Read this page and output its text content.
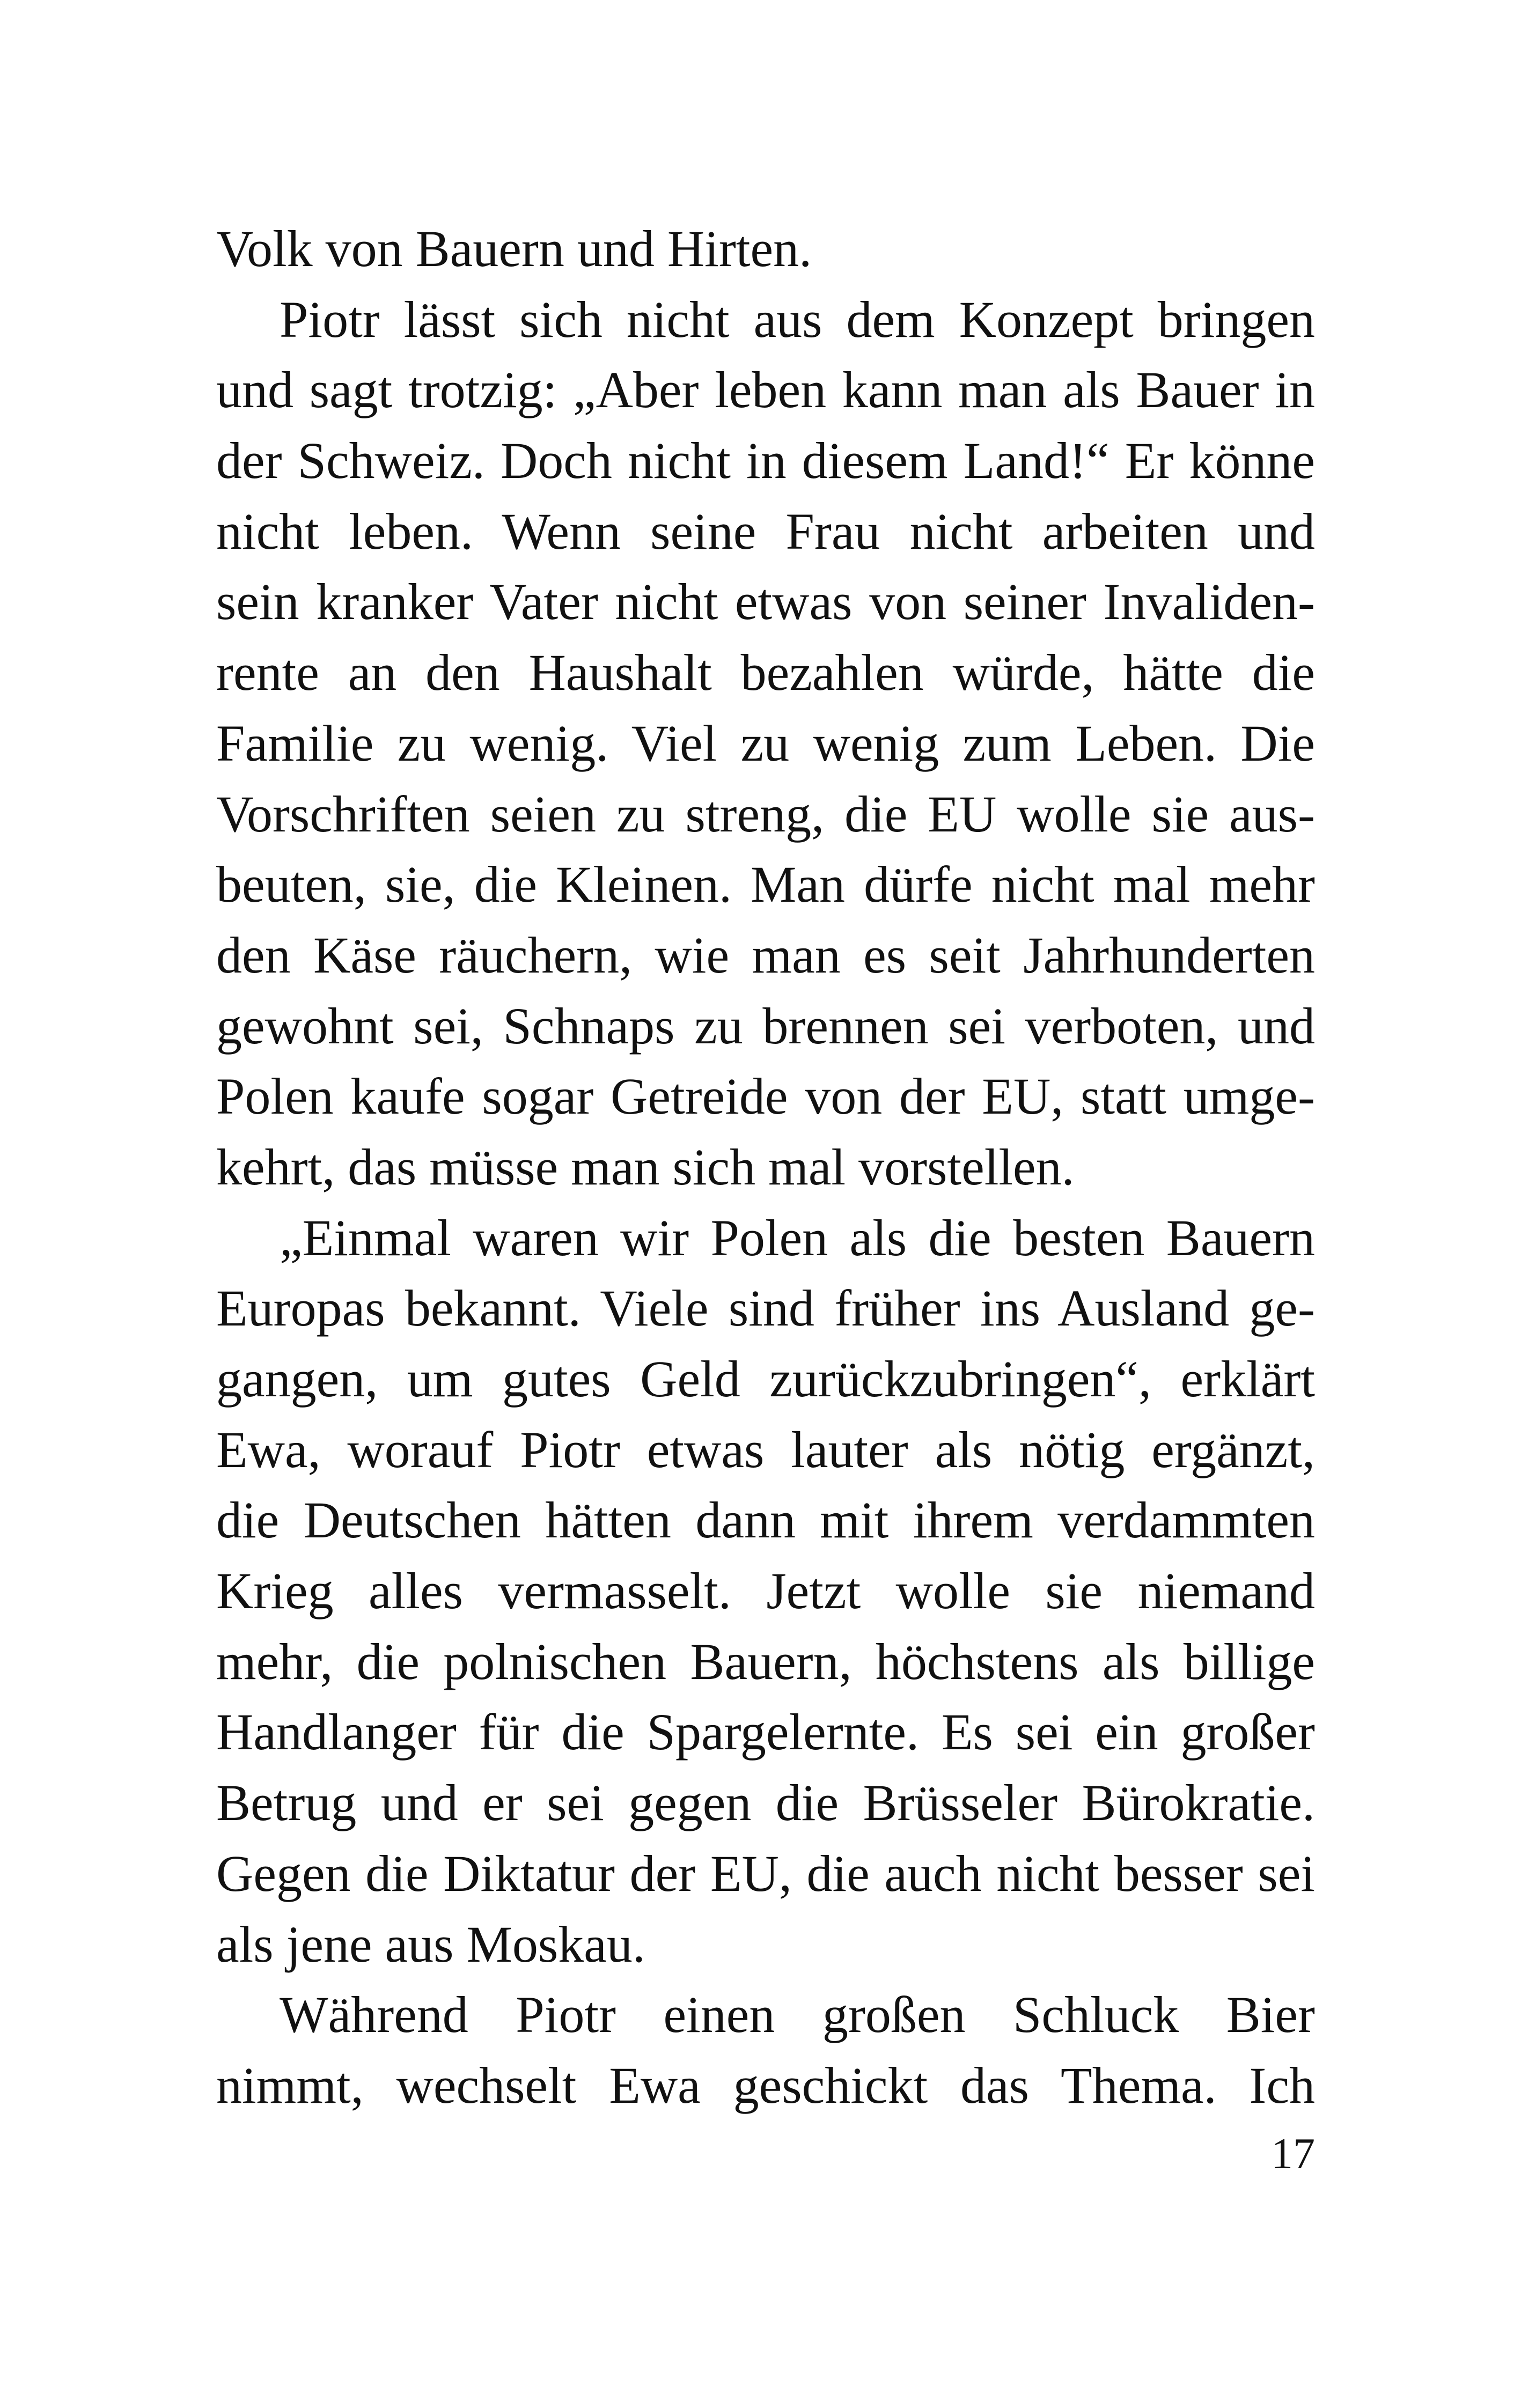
Volk von Bauern und Hirten.
Piotr lässt sich nicht aus dem Konzept bringen
und sagt trotzig: „Aber leben kann man als Bauer in
der Schweiz. Doch nicht in diesem Land!“ Er könne
nicht leben. Wenn seine Frau nicht arbeiten und
sein kranker Vater nicht etwas von seiner Invaliden-
rente an den Haushalt bezahlen würde, hätte die
Familie zu wenig. Viel zu wenig zum Leben. Die
Vorschriften seien zu streng, die EU wolle sie aus-
beuten, sie, die Kleinen. Man dürfe nicht mal mehr
den Käse räuchern, wie man es seit Jahrhunderten
gewohnt sei, Schnaps zu brennen sei verboten, und
Polen kaufe sogar Getreide von der EU, statt umge-
kehrt, das müsse man sich mal vorstellen.
„Einmal waren wir Polen als die besten Bauern
Europas bekannt. Viele sind früher ins Ausland ge-
gangen, um gutes Geld zurückzubringen“, erklärt
Ewa, worauf Piotr etwas lauter als nötig ergänzt,
die Deutschen hätten dann mit ihrem verdammten
Krieg alles vermasselt. Jetzt wolle sie niemand
mehr, die polnischen Bauern, höchstens als billige
Handlanger für die Spargelernte. Es sei ein großer
Betrug und er sei gegen die Brüsseler Bürokratie.
Gegen die Diktatur der EU, die auch nicht besser sei
als jene aus Moskau.
Während Piotr einen großen Schluck Bier
nimmt, wechselt Ewa geschickt das Thema. Ich
17
